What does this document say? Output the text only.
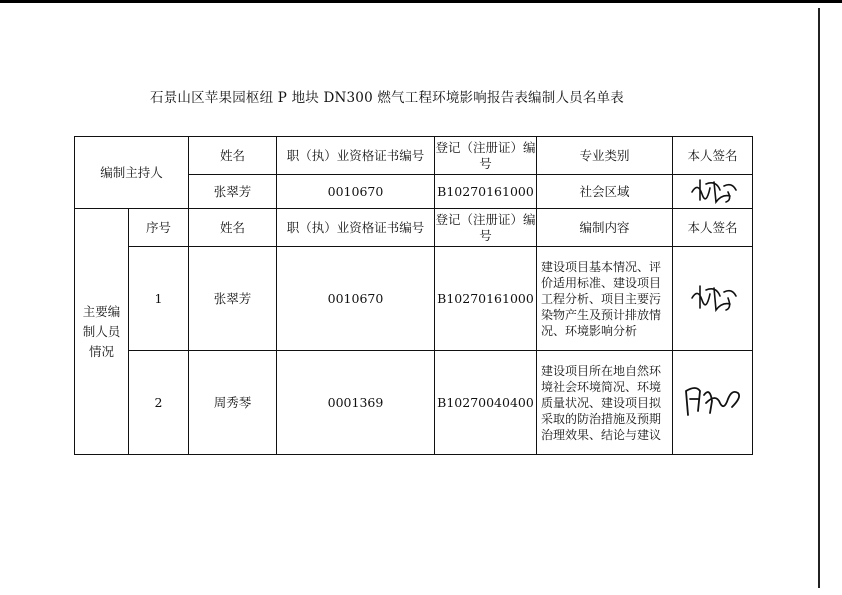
石景山区苹果园枢纽 P 地块 DN300 燃气工程环境影响报告表编制人员名单表
编制主持人		姓名	职（执）业资格证书编号	登记（注册证）编号	专业类别	本人签名
		张翠芳	0010670	B10270161000	社会区域	

主要编制人员情况	序号	姓名	职（执）业资格证书编号	登记（注册证）编号	编制内容	本人签名
	1	张翠芳	0010670	B10270161000	建设项目基本情况、评价适用标准、建设项目工程分析、项目主要污染物产生及预计排放情况、环境影响分析	

	2	周秀琴	0001369	B10270040400	建设项目所在地自然环境社会环境简况、环境质量状况、建设项目拟采取的防治措施及预期治理效果、结论与建议	
